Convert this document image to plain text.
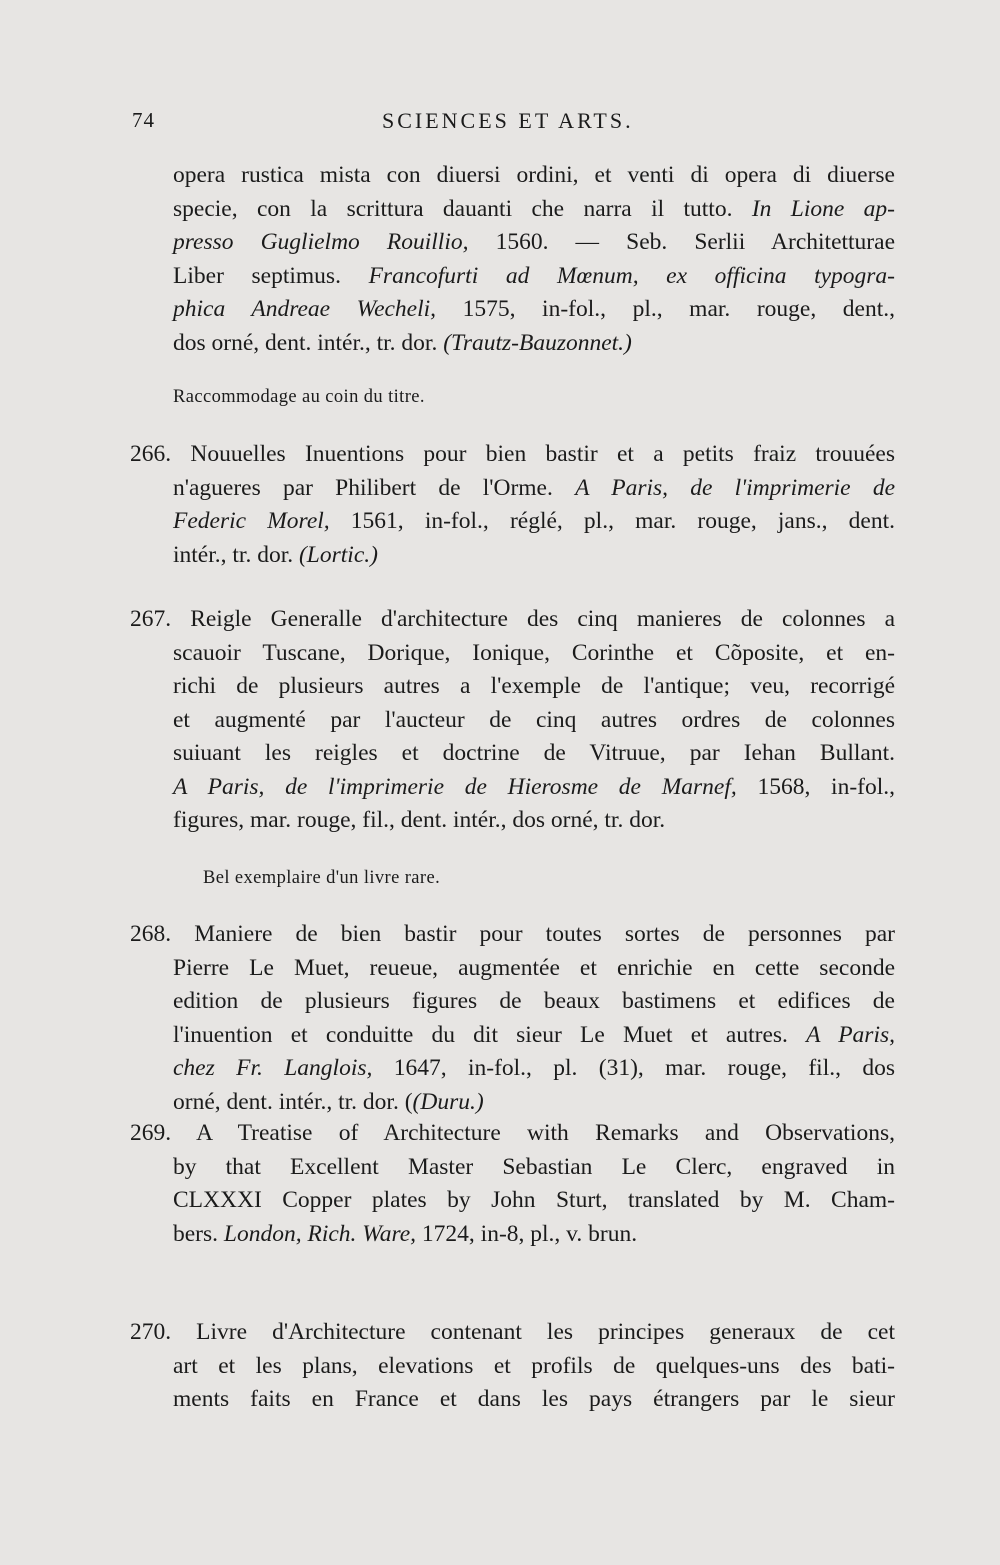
74	SCIENCES ET ARTS.
opera rustica mista con diuersi ordini, et venti di opera di diuerse
specie, con la scrittura dauanti che narra il tutto. In Lione ap-
presso Guglielmo Rouillio, 1560. — Seb. Serlii Architetturae
Liber septimus. Francofurti ad Mœnum, ex officina typogra-
phica Andreae Wecheli, 1575, in-fol., pl., mar. rouge, dent.,
dos orné, dent. intér., tr. dor. (Trautz-Bauzonnet.)
Raccommodage au coin du titre.
266. Nouuelles Inuentions pour bien bastir et a petits fraiz trouuées
n'agueres par Philibert de l'Orme. A Paris, de l'imprimerie de
Federic Morel, 1561, in-fol., réglé, pl., mar. rouge, jans., dent.
intér., tr. dor. (Lortic.)
267. Reigle Generalle d'architecture des cinq manieres de colonnes a
scauoir Tuscane, Dorique, Ionique, Corinthe et Cõposite, et en-
richi de plusieurs autres a l'exemple de l'antique; veu, recorrigé
et augmenté par l'aucteur de cinq autres ordres de colonnes
suiuant les reigles et doctrine de Vitruue, par Iehan Bullant.
A Paris, de l'imprimerie de Hierosme de Marnef, 1568, in-fol.,
figures, mar. rouge, fil., dent. intér., dos orné, tr. dor.
Bel exemplaire d'un livre rare.
268. Maniere de bien bastir pour toutes sortes de personnes par
Pierre Le Muet, reueue, augmentée et enrichie en cette seconde
edition de plusieurs figures de beaux bastimens et edifices de
l'inuention et conduitte du dit sieur Le Muet et autres. A Paris,
chez Fr. Langlois, 1647, in-fol., pl. (31), mar. rouge, fil., dos
orné, dent. intér., tr. dor. ((Duru.)
269. A Treatise of Architecture with Remarks and Observations,
by that Excellent Master Sebastian Le Clerc, engraved in
CLXXXI Copper plates by John Sturt, translated by M. Cham-
bers. London, Rich. Ware, 1724, in-8, pl., v. brun.
270. Livre d'Architecture contenant les principes generaux de cet
art et les plans, elevations et profils de quelques-uns des bati-
ments faits en France et dans les pays étrangers par le sieur
